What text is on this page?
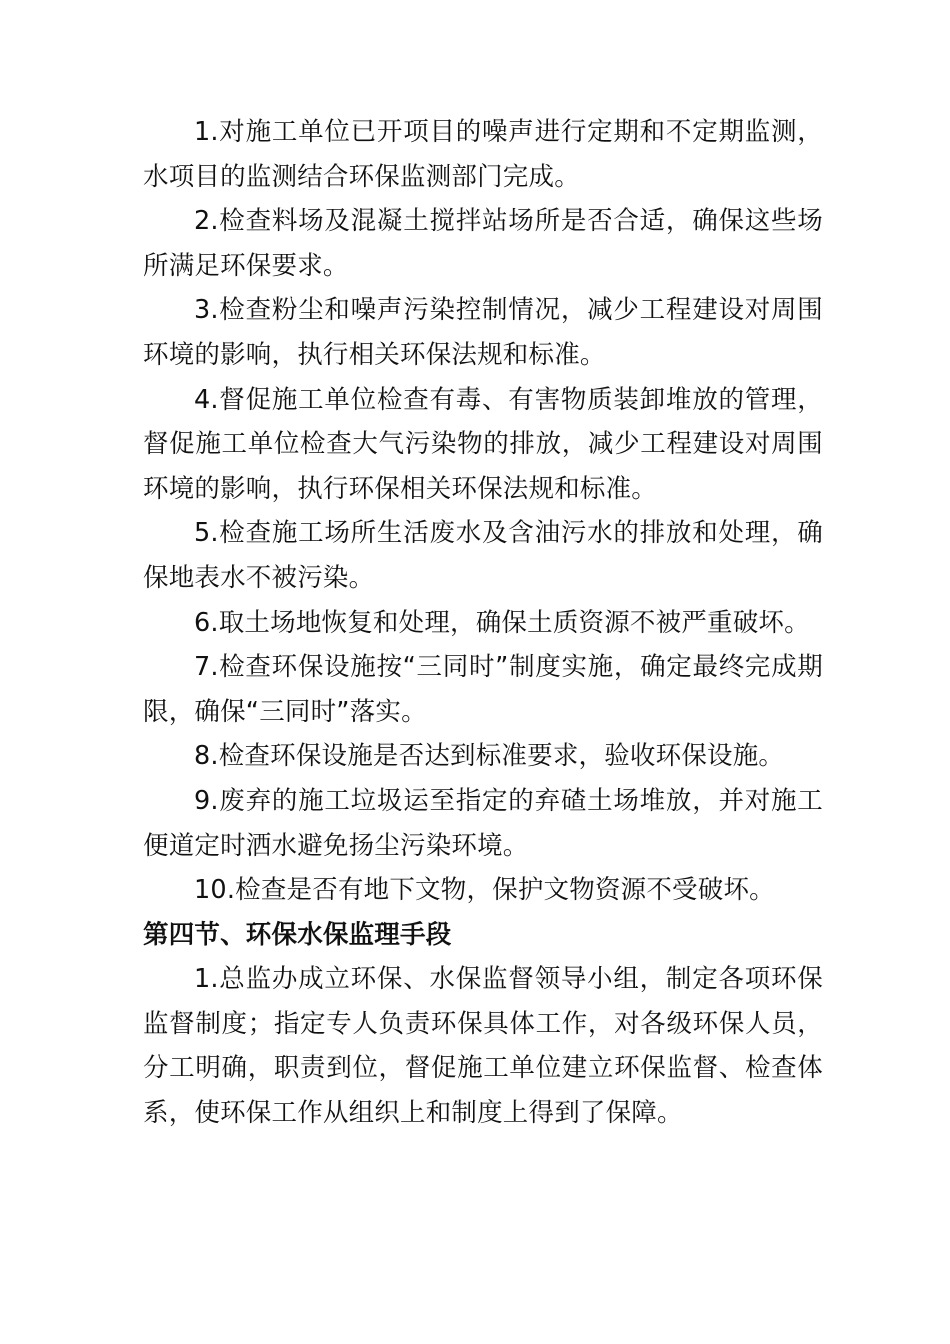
1.对施工单位已开项目的噪声进行定期和不定期监测，水项目的监测结合环保监测部门完成。

2.检查料场及混凝土搅拌站场所是否合适，确保这些场所满足环保要求。

3.检查粉尘和噪声污染控制情况，减少工程建设对周围环境的影响，执行相关环保法规和标准。

4.督促施工单位检查有毒、有害物质装卸堆放的管理，督促施工单位检查大气污染物的排放，减少工程建设对周围环境的影响，执行环保相关环保法规和标准。

5.检查施工场所生活废水及含油污水的排放和处理，确保地表水不被污染。

6.取土场地恢复和处理，确保土质资源不被严重破坏。

7.检查环保设施按“三同时”制度实施，确定最终完成期限，确保“三同时”落实。

8.检查环保设施是否达到标准要求，验收环保设施。

9.废弃的施工垃圾运至指定的弃碴土场堆放，并对施工便道定时洒水避免扬尘污染环境。

10.检查是否有地下文物，保护文物资源不受破坏。

第四节、环保水保监理手段

1.总监办成立环保、水保监督领导小组，制定各项环保监督制度；指定专人负责环保具体工作，对各级环保人员，分工明确，职责到位，督促施工单位建立环保监督、检查体系，使环保工作从组织上和制度上得到了保障。
